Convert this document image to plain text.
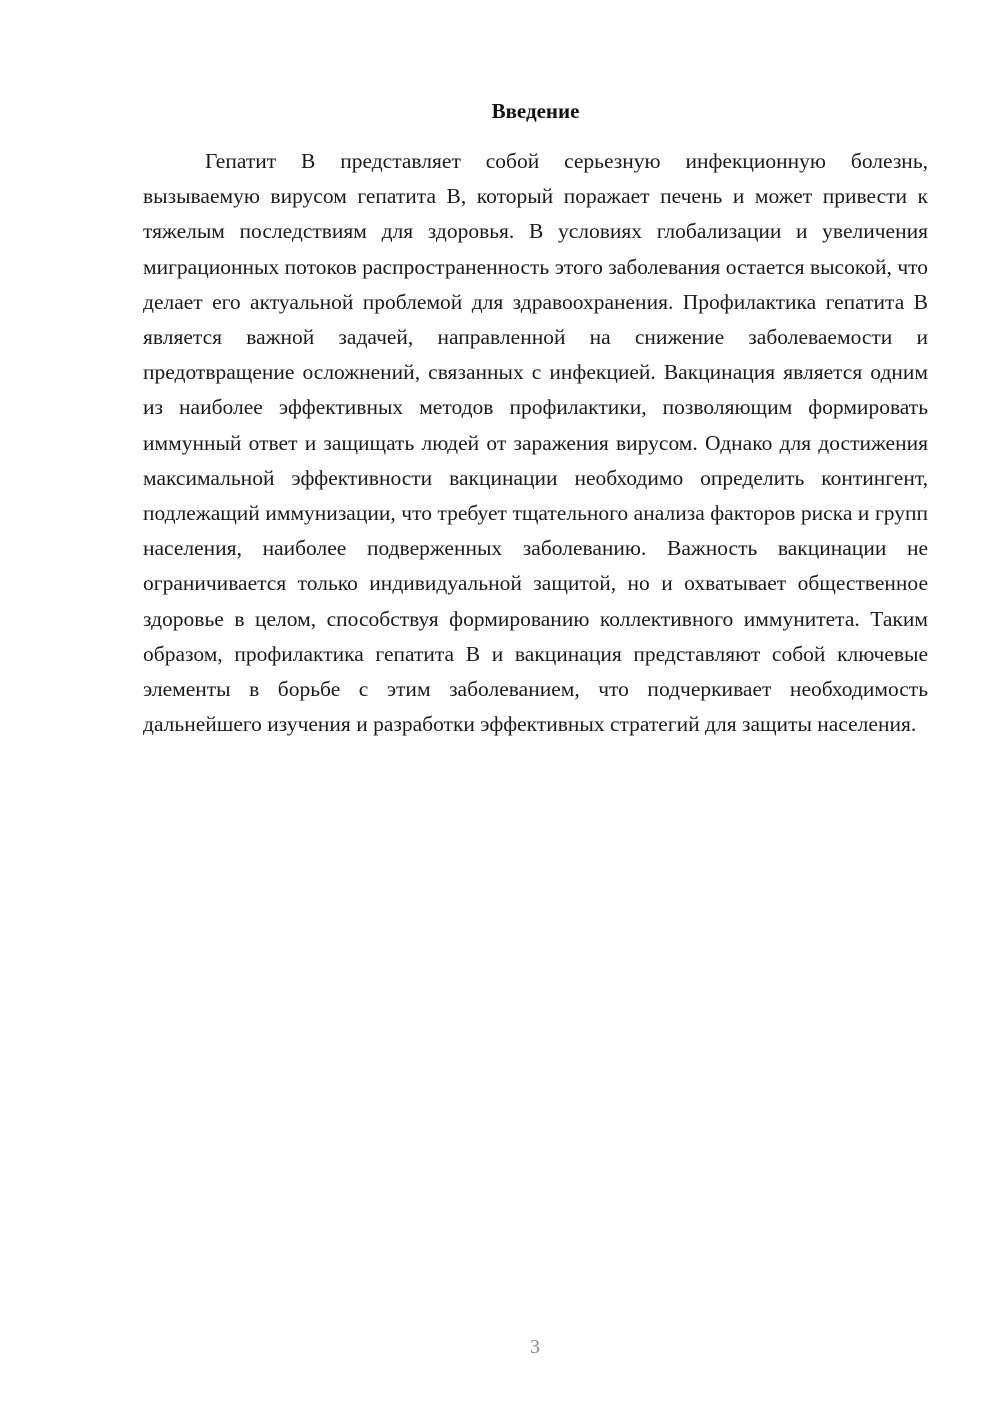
Введение

Гепатит B представляет собой серьезную инфекционную болезнь, вызываемую вирусом гепатита B, который поражает печень и может привести к тяжелым последствиям для здоровья. В условиях глобализации и увеличения миграционных потоков распространенность этого заболевания остается высокой, что делает его актуальной проблемой для здравоохранения. Профилактика гепатита B является важной задачей, направленной на снижение заболеваемости и предотвращение осложнений, связанных с инфекцией. Вакцинация является одним из наиболее эффективных методов профилактики, позволяющим формировать иммунный ответ и защищать людей от заражения вирусом. Однако для достижения максимальной эффективности вакцинации необходимо определить контингент, подлежащий иммунизации, что требует тщательного анализа факторов риска и групп населения, наиболее подверженных заболеванию. Важность вакцинации не ограничивается только индивидуальной защитой, но и охватывает общественное здоровье в целом, способствуя формированию коллективного иммунитета. Таким образом, профилактика гепатита B и вакцинация представляют собой ключевые элементы в борьбе с этим заболеванием, что подчеркивает необходимость дальнейшего изучения и разработки эффективных стратегий для защиты населения.

3
